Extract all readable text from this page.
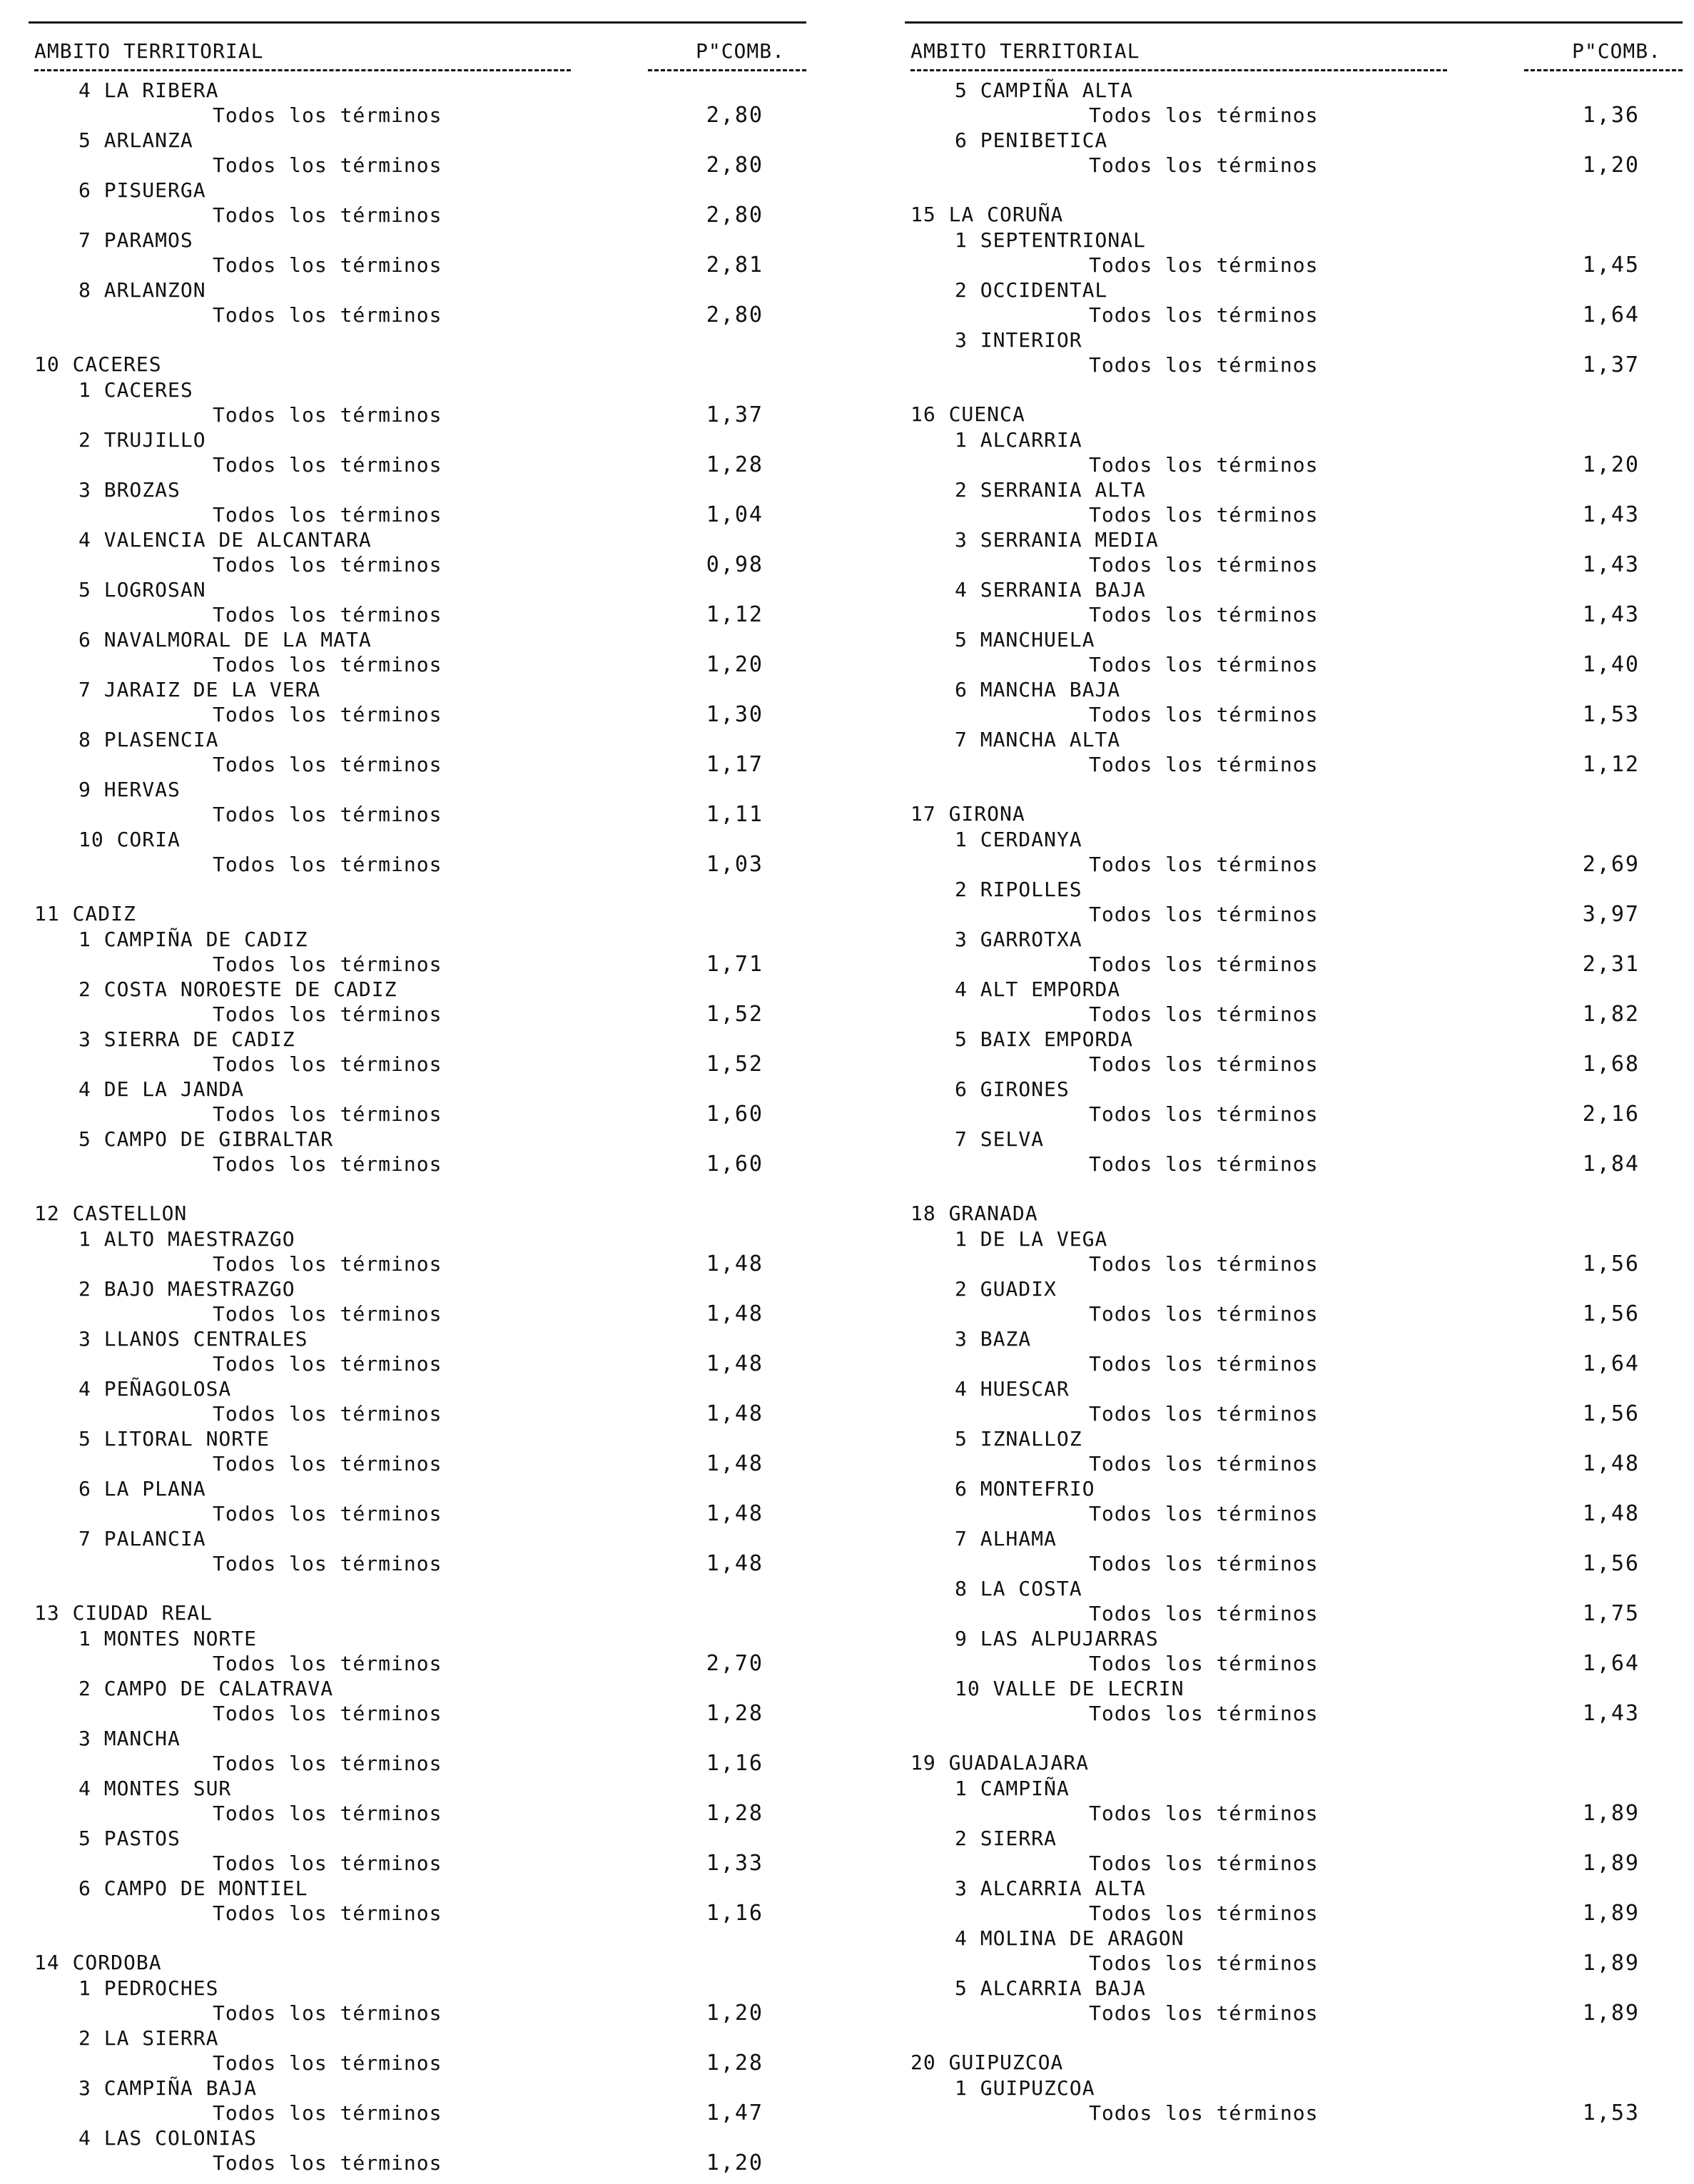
AMBITO TERRITORIAL	P"COMB.
4 LA RIBERA
Todos los términos	2,80
5 ARLANZA
Todos los términos	2,80
6 PISUERGA
Todos los términos	2,80
7 PARAMOS
Todos los términos	2,81
8 ARLANZON
Todos los términos	2,80
10 CACERES
1 CACERES
Todos los términos	1,37
2 TRUJILLO
Todos los términos	1,28
3 BROZAS
Todos los términos	1,04
4 VALENCIA DE ALCANTARA
Todos los términos	0,98
5 LOGROSAN
Todos los términos	1,12
6 NAVALMORAL DE LA MATA
Todos los términos	1,20
7 JARAIZ DE LA VERA
Todos los términos	1,30
8 PLASENCIA
Todos los términos	1,17
9 HERVAS
Todos los términos	1,11
10 CORIA
Todos los términos	1,03
11 CADIZ
1 CAMPIÑA DE CADIZ
Todos los términos	1,71
2 COSTA NOROESTE DE CADIZ
Todos los términos	1,52
3 SIERRA DE CADIZ
Todos los términos	1,52
4 DE LA JANDA
Todos los términos	1,60
5 CAMPO DE GIBRALTAR
Todos los términos	1,60
12 CASTELLON
1 ALTO MAESTRAZGO
Todos los términos	1,48
2 BAJO MAESTRAZGO
Todos los términos	1,48
3 LLANOS CENTRALES
Todos los términos	1,48
4 PEÑAGOLOSA
Todos los términos	1,48
5 LITORAL NORTE
Todos los términos	1,48
6 LA PLANA
Todos los términos	1,48
7 PALANCIA
Todos los términos	1,48
13 CIUDAD REAL
1 MONTES NORTE
Todos los términos	2,70
2 CAMPO DE CALATRAVA
Todos los términos	1,28
3 MANCHA
Todos los términos	1,16
4 MONTES SUR
Todos los términos	1,28
5 PASTOS
Todos los términos	1,33
6 CAMPO DE MONTIEL
Todos los términos	1,16
14 CORDOBA
1 PEDROCHES
Todos los términos	1,20
2 LA SIERRA
Todos los términos	1,28
3 CAMPIÑA BAJA
Todos los términos	1,47
4 LAS COLONIAS
Todos los términos	1,20
AMBITO TERRITORIAL	P"COMB.
5 CAMPIÑA ALTA
Todos los términos	1,36
6 PENIBETICA
Todos los términos	1,20
15 LA CORUÑA
1 SEPTENTRIONAL
Todos los términos	1,45
2 OCCIDENTAL
Todos los términos	1,64
3 INTERIOR
Todos los términos	1,37
16 CUENCA
1 ALCARRIA
Todos los términos	1,20
2 SERRANIA ALTA
Todos los términos	1,43
3 SERRANIA MEDIA
Todos los términos	1,43
4 SERRANIA BAJA
Todos los términos	1,43
5 MANCHUELA
Todos los términos	1,40
6 MANCHA BAJA
Todos los términos	1,53
7 MANCHA ALTA
Todos los términos	1,12
17 GIRONA
1 CERDANYA
Todos los términos	2,69
2 RIPOLLES
Todos los términos	3,97
3 GARROTXA
Todos los términos	2,31
4 ALT EMPORDA
Todos los términos	1,82
5 BAIX EMPORDA
Todos los términos	1,68
6 GIRONES
Todos los términos	2,16
7 SELVA
Todos los términos	1,84
18 GRANADA
1 DE LA VEGA
Todos los términos	1,56
2 GUADIX
Todos los términos	1,56
3 BAZA
Todos los términos	1,64
4 HUESCAR
Todos los términos	1,56
5 IZNALLOZ
Todos los términos	1,48
6 MONTEFRIO
Todos los términos	1,48
7 ALHAMA
Todos los términos	1,56
8 LA COSTA
Todos los términos	1,75
9 LAS ALPUJARRAS
Todos los términos	1,64
10 VALLE DE LECRIN
Todos los términos	1,43
19 GUADALAJARA
1 CAMPIÑA
Todos los términos	1,89
2 SIERRA
Todos los términos	1,89
3 ALCARRIA ALTA
Todos los términos	1,89
4 MOLINA DE ARAGON
Todos los términos	1,89
5 ALCARRIA BAJA
Todos los términos	1,89
20 GUIPUZCOA
1 GUIPUZCOA
Todos los términos	1,53
